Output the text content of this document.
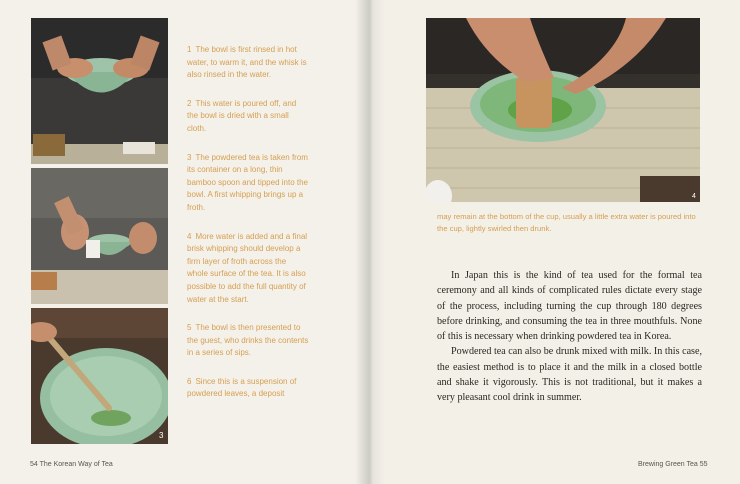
3
1 The bowl is first rinsed in hot water, to warm it, and the whisk is also rinsed in the water.
2 This water is poured off, and the bowl is dried with a small cloth.
3 The powdered tea is taken from its container on a long, thin bamboo spoon and tipped into the bowl. A first whipping brings up a froth.
4 More water is added and a final brisk whipping should develop a firm layer of froth across the whole surface of the tea. It is also possible to add the full quantity of water at the start.
5 The bowl is then presented to the guest, who drinks the contents in a series of sips.
6 Since this is a suspension of powdered leaves, a deposit
54 The Korean Way of Tea
4
may remain at the bottom of the cup, usually a little extra water is poured into the cup, lightly swirled then drunk.

In Japan this is the kind of tea used for the formal tea ceremony and all kinds of complicated rules dictate every stage of the process, including turning the cup through 180 degrees before drinking, and consuming the tea in three mouthfuls. None of this is necessary when drinking powdered tea in Korea.

Powdered tea can also be drunk mixed with milk. In this case, the easiest method is to place it and the milk in a closed bottle and shake it vigorously. This is not traditional, but it makes a very pleasant cool drink in summer.

Brewing Green Tea 55
